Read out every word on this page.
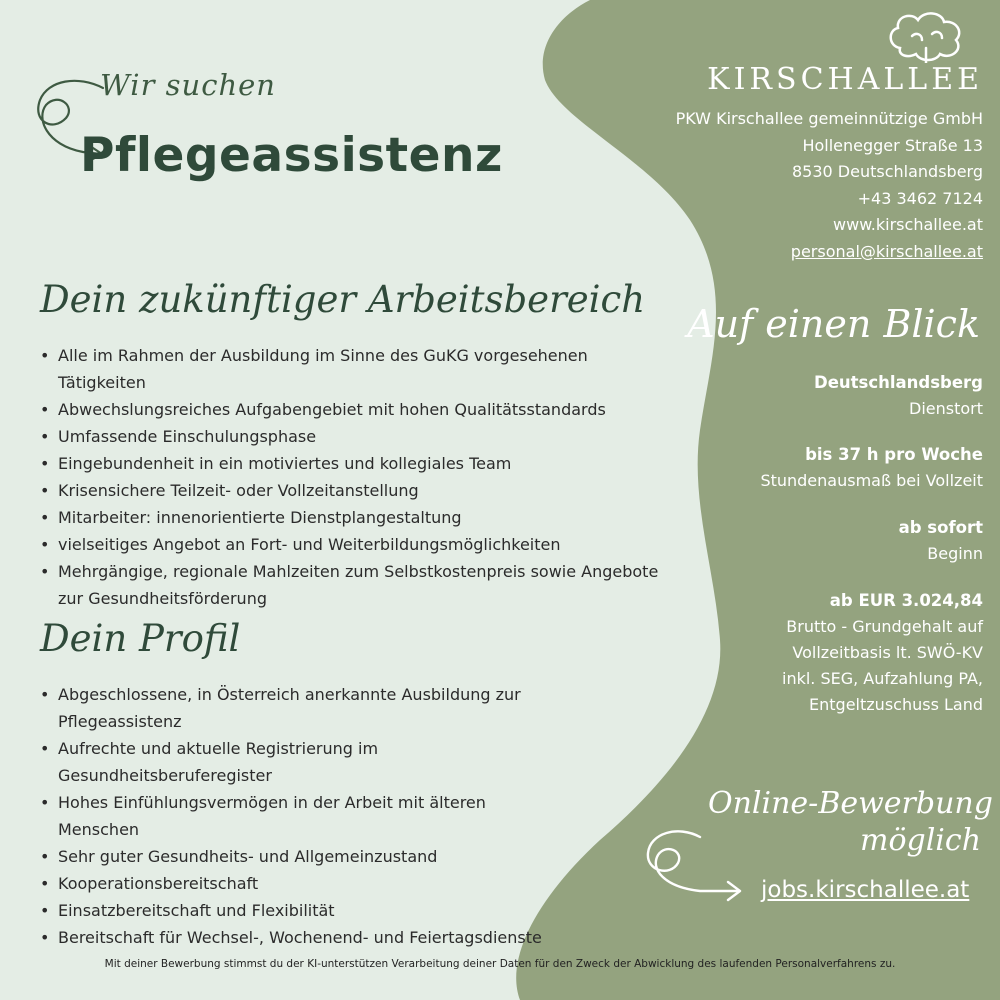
Wir suchen
Pflegeassistenz
Dein zukünftiger Arbeitsbereich
• Alle im Rahmen der Ausbildung im Sinne des GuKG vorgesehenen Tätigkeiten
• Abwechslungsreiches Aufgabengebiet mit hohen Qualitätsstandards
• Umfassende Einschulungsphase
• Eingebundenheit in ein motiviertes und kollegiales Team
• Krisensichere Teilzeit- oder Vollzeitanstellung
• Mitarbeiter: innenorientierte Dienstplangestaltung
• vielseitiges Angebot an Fort- und Weiterbildungsmöglichkeiten
• Mehrgängige, regionale Mahlzeiten zum Selbstkostenpreis sowie Angebote zur Gesundheitsförderung
Dein Profil
• Abgeschlossene, in Österreich anerkannte Ausbildung zur Pflegeassistenz
• Aufrechte und aktuelle Registrierung im Gesundheitsberuferegister
• Hohes Einfühlungsvermögen in der Arbeit mit älteren Menschen
• Sehr guter Gesundheits- und Allgemeinzustand
• Kooperationsbereitschaft
• Einsatzbereitschaft und Flexibilität
• Bereitschaft für Wechsel-, Wochenend- und Feiertagsdienste
KIRSCHALLEE
PKW Kirschallee gemeinnützige GmbH
Hollenegger Straße 13
8530 Deutschlandsberg
+43 3462 7124
www.kirschallee.at
personal@kirschallee.at
Auf einen Blick
Deutschlandsberg
Dienstort
bis 37 h pro Woche
Stundenausmaß bei Vollzeit
ab sofort
Beginn
ab EUR 3.024,84
Brutto - Grundgehalt auf
Vollzeitbasis lt. SWÖ-KV
inkl. SEG, Aufzahlung PA,
Entgeltzuschuss Land
Online-Bewerbung
möglich
jobs.kirschallee.at
Mit deiner Bewerbung stimmst du der KI-unterstützen Verarbeitung deiner Daten für den Zweck der Abwicklung des laufenden Personalverfahrens zu.
